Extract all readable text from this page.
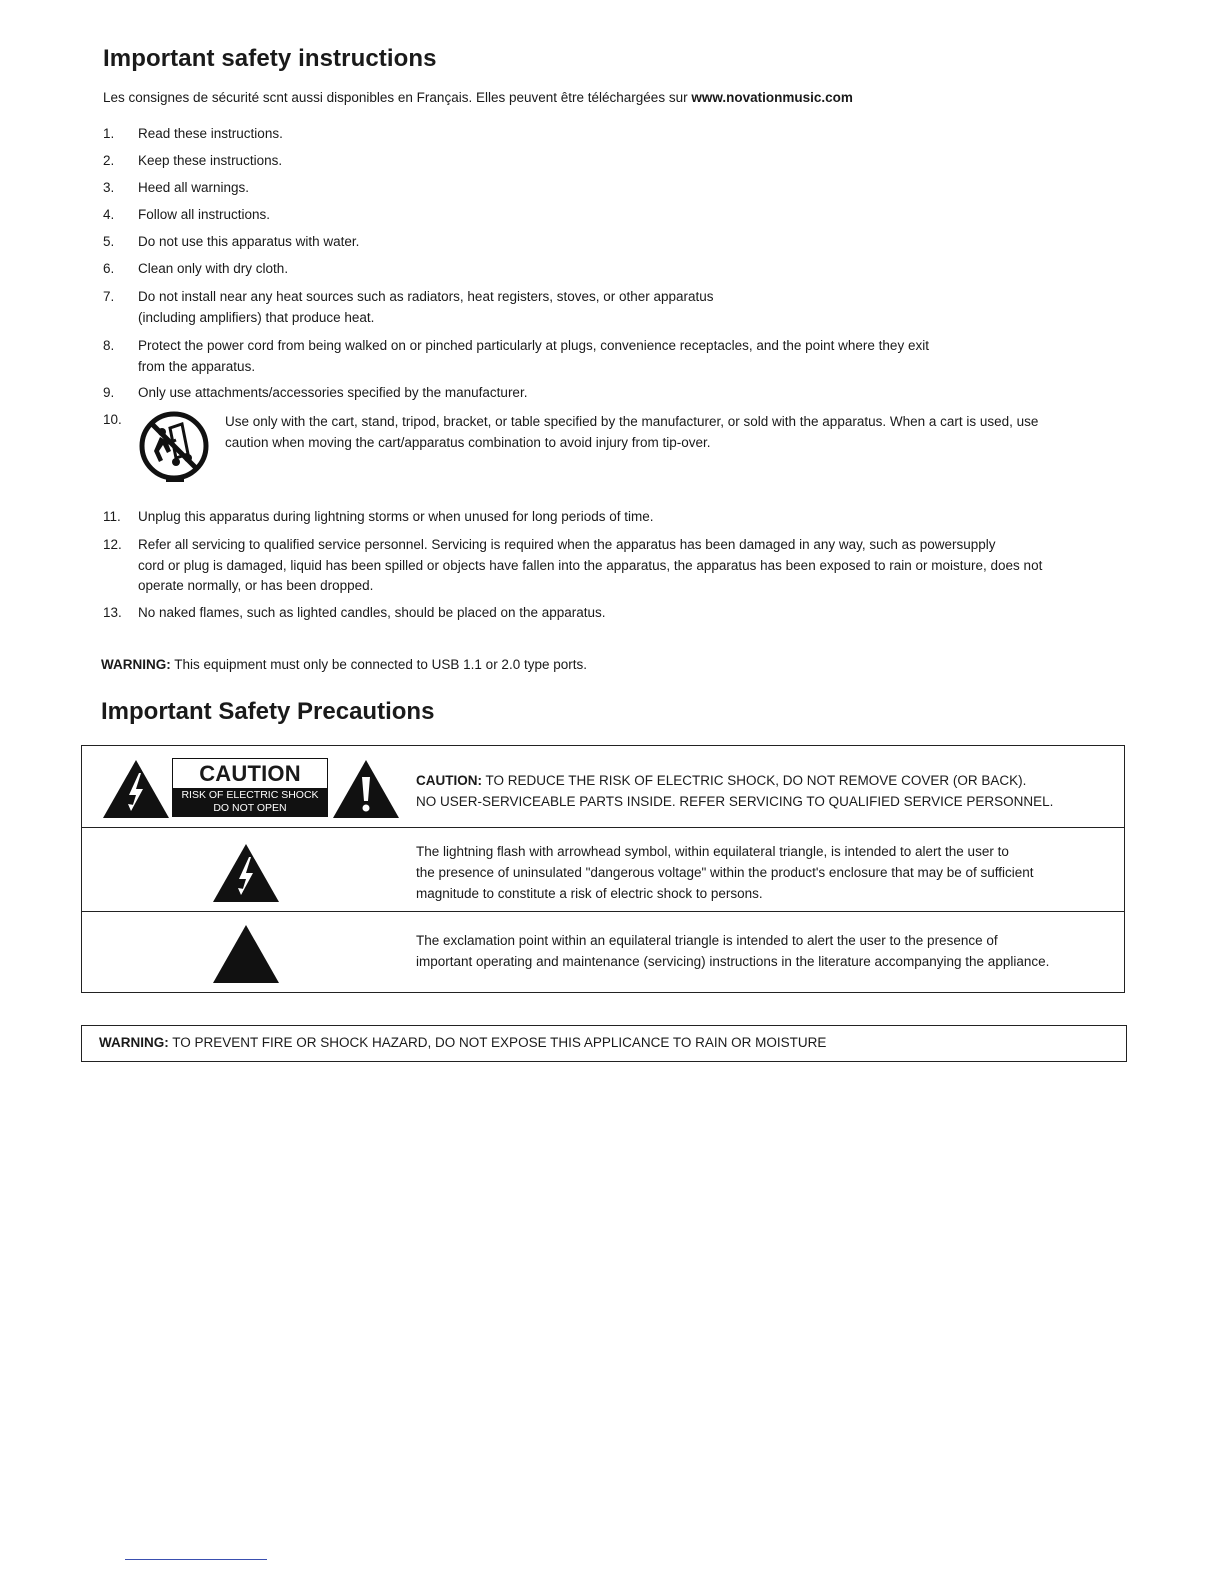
Important safety instructions

Les consignes de sécurité scnt aussi disponibles en Français. Elles peuvent être téléchargées sur www.novationmusic.com

1.	Read these instructions.
2.	Keep these instructions.
3.	Heed all warnings.
4.	Follow all instructions.
5.	Do not use this apparatus with water.
6.	Clean only with dry cloth.
7.	Do not install near any heat sources such as radiators, heat registers, stoves, or other apparatus
(including amplifiers) that produce heat.
8.	Protect the power cord from being walked on or pinched particularly at plugs, convenience receptacles, and the point where they exit
from the apparatus.
9.	Only use attachments/accessories specified by the manufacturer.
10.	Use only with the cart, stand, tripod, bracket, or table specified by the manufacturer, or sold with the apparatus. When a cart is used, use
caution when moving the cart/apparatus combination to avoid injury from tip-over.
11.	Unplug this apparatus during lightning storms or when unused for long periods of time.
12.	Refer all servicing to qualified service personnel. Servicing is required when the apparatus has been damaged in any way, such as powersupply
cord or plug is damaged, liquid has been spilled or objects have fallen into the apparatus, the apparatus has been exposed to rain or moisture, does not
operate normally, or has been dropped.
13.	No naked flames, such as lighted candles, should be placed on the apparatus.
WARNING: This equipment must only be connected to USB 1.1 or 2.0 type ports.
Important Safety Precautions
CAUTION
RISK OF ELECTRIC SHOCK
DO NOT OPEN
CAUTION: TO REDUCE THE RISK OF ELECTRIC SHOCK, DO NOT REMOVE COVER (OR BACK).
NO USER-SERVICEABLE PARTS INSIDE. REFER SERVICING TO QUALIFIED SERVICE PERSONNEL.
The lightning flash with arrowhead symbol, within equilateral triangle, is intended to alert the user to
the presence of uninsulated "dangerous voltage" within the product's enclosure that may be of sufficient
magnitude to constitute a risk of electric shock to persons.
The exclamation point within an equilateral triangle is intended to alert the user to the presence of
important operating and maintenance (servicing) instructions in the literature accompanying the appliance.
WARNING: TO PREVENT FIRE OR SHOCK HAZARD, DO NOT EXPOSE THIS APPLICANCE TO RAIN OR MOISTURE
